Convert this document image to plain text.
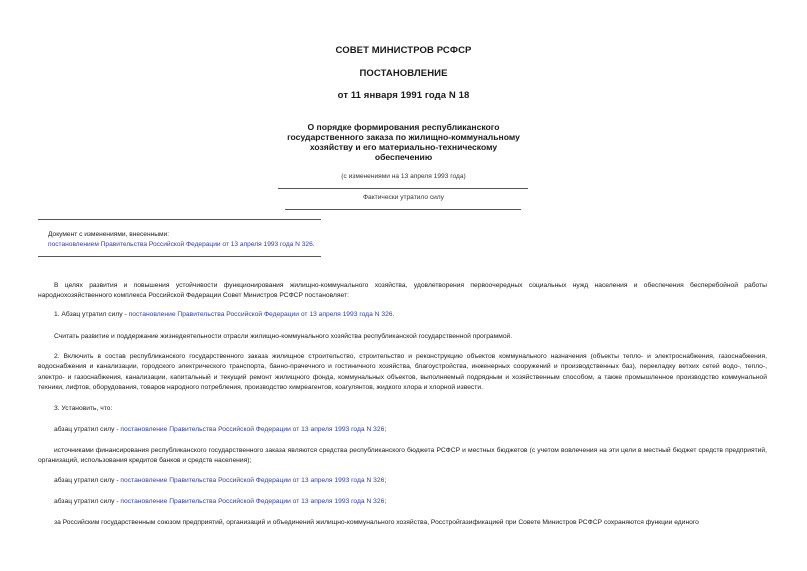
СОВЕТ МИНИСТРОВ РСФСР
ПОСТАНОВЛЕНИЕ
от 11 января 1991 года N 18
О порядке формирования республиканского
государственного заказа по жилищно-коммунальному
хозяйству и его материально-техническому
обеспечению
(с изменениями на 13 апреля 1993 года)
Фактически утратило силу
Документ с изменениями, внесенными:
постановлением Правительства Российской Федерации от 13 апреля 1993 года N 326.
В целях развития и повышения устойчивости функционирования жилищно-коммунального хозяйства, удовлетворения первоочередных социальных нужд населения и обеспечения бесперебойной работы народнохозяйственного комплекса Российской Федерации Совет Министров РСФСР постановляет:
1. Абзац утратил силу - постановление Правительства Российской Федерации от 13 апреля 1993 года N 326.
Считать развитие и поддержание жизнедеятельности отрасли жилищно-коммунального хозяйства республиканской государственной программой.
2. Включить в состав республиканского государственного заказа жилищное строительство, строительство и реконструкцию объектов коммунального назначения (объекты тепло- и электроснабжения, газоснабжения, водоснабжения и канализации, городского электрического транспорта, банно-прачечного и гостиничного хозяйства, благоустройства, инженерных сооружений и производственных баз), перекладку ветхих сетей водо-, тепло-, электро- и газоснабжения, канализации, капитальный и текущий ремонт жилищного фонда, коммунальных объектов, выполняемый подрядным и хозяйственным способом, а также промышленное производство коммунальной техники, лифтов, оборудования, товаров народного потребления, производство химреагентов, коагулянтов, жидкого хлора и хлорной извести.
3. Установить, что:
абзац утратил силу - постановление Правительства Российской Федерации от 13 апреля 1993 года N 326;
источниками финансирования республиканского государственного заказа являются средства республиканского бюджета РСФСР и местных бюджетов (с учетом вовлечения на эти цели в местный бюджет средств предприятий, организаций, использования кредитов банков и средств населения);
абзац утратил силу - постановление Правительства Российской Федерации от 13 апреля 1993 года N 326;
абзац утратил силу - постановление Правительства Российской Федерации от 13 апреля 1993 года N 326;
за Российским государственным союзом предприятий, организаций и объединений жилищно-коммунального хозяйства, Росстройгазификацией при Совете Министров РСФСР сохраняются функции единого
